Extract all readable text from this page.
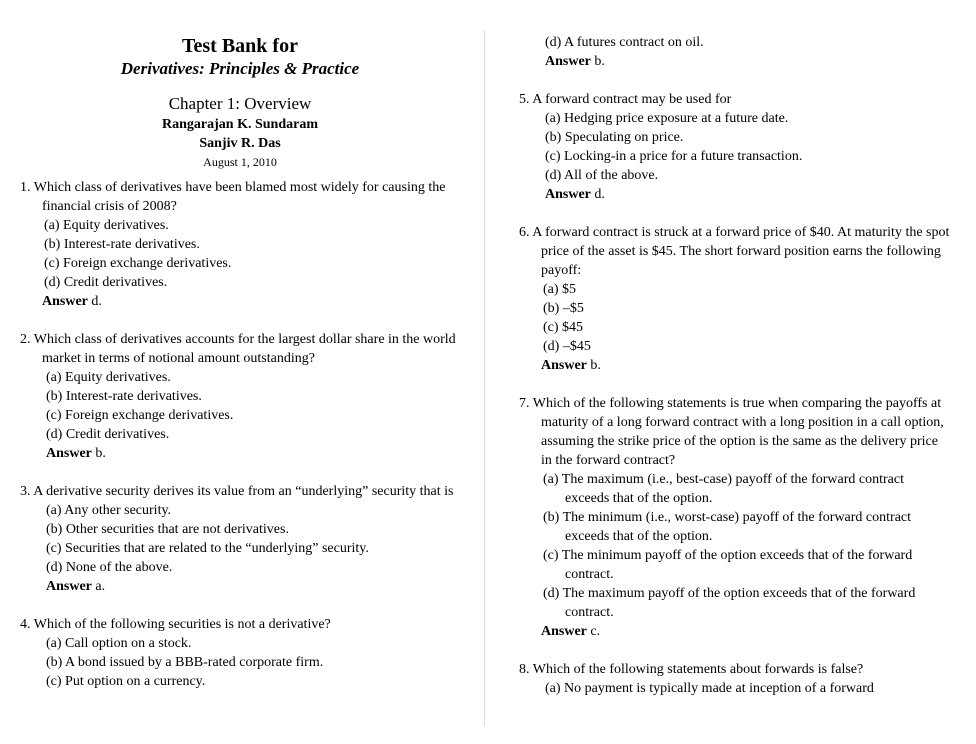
Test Bank for
Derivatives: Principles & Practice
Chapter 1: Overview
Rangarajan K. Sundaram
Sanjiv R. Das
August 1, 2010
1. Which class of derivatives have been blamed most widely for causing the financial crisis of 2008?
(a) Equity derivatives.
(b) Interest-rate derivatives.
(c) Foreign exchange derivatives.
(d) Credit derivatives.
Answer d.
2. Which class of derivatives accounts for the largest dollar share in the world market in terms of notional amount outstanding?
(a) Equity derivatives.
(b) Interest-rate derivatives.
(c) Foreign exchange derivatives.
(d) Credit derivatives.
Answer b.
3. A derivative security derives its value from an “underlying” security that is
(a) Any other security.
(b) Other securities that are not derivatives.
(c) Securities that are related to the “underlying” security.
(d) None of the above.
Answer a.
4. Which of the following securities is not a derivative?
(a) Call option on a stock.
(b) A bond issued by a BBB-rated corporate firm.
(c) Put option on a currency.
(d) A futures contract on oil.
Answer b.
5. A forward contract may be used for
(a) Hedging price exposure at a future date.
(b) Speculating on price.
(c) Locking-in a price for a future transaction.
(d) All of the above.
Answer d.
6. A forward contract is struck at a forward price of $40. At maturity the spot price of the asset is $45. The short forward position earns the following payoff:
(a) $5
(b) –$5
(c) $45
(d) –$45
Answer b.
7. Which of the following statements is true when comparing the payoffs at maturity of a long forward contract with a long position in a call option, assuming the strike price of the option is the same as the delivery price in the forward contract?
(a) The maximum (i.e., best-case) payoff of the forward contract exceeds that of the option.
(b) The minimum (i.e., worst-case) payoff of the forward contract exceeds that of the option.
(c) The minimum payoff of the option exceeds that of the forward contract.
(d) The maximum payoff of the option exceeds that of the forward contract.
Answer c.
8. Which of the following statements about forwards is false?
(a) No payment is typically made at inception of a forward
